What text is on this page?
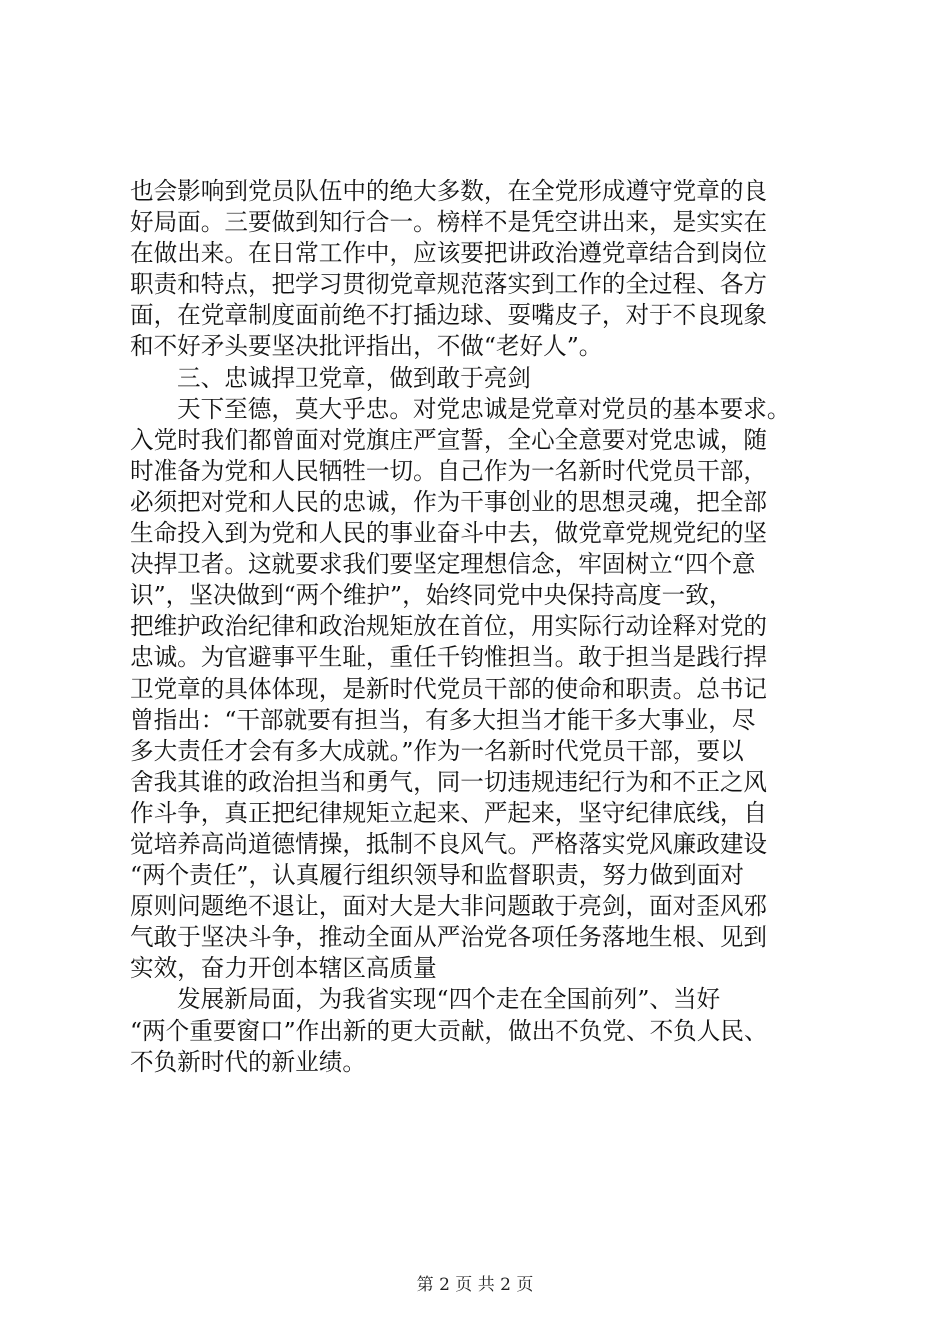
也会影响到党员队伍中的绝大多数，在全党形成遵守党章的良
好局面。三要做到知行合一。榜样不是凭空讲出来，是实实在
在做出来。在日常工作中，应该要把讲政治遵党章结合到岗位
职责和特点，把学习贯彻党章规范落实到工作的全过程、各方
面，在党章制度面前绝不打插边球、耍嘴皮子，对于不良现象
和不好矛头要坚决批评指出，不做“老好人”。
三、忠诚捍卫党章，做到敢于亮剑
天下至德，莫大乎忠。对党忠诚是党章对党员的基本要求。
入党时我们都曾面对党旗庄严宣誓，全心全意要对党忠诚，随
时准备为党和人民牺牲一切。自己作为一名新时代党员干部，
必须把对党和人民的忠诚，作为干事创业的思想灵魂，把全部
生命投入到为党和人民的事业奋斗中去，做党章党规党纪的坚
决捍卫者。这就要求我们要坚定理想信念，牢固树立“四个意
识”，坚决做到“两个维护”，始终同党中央保持高度一致，
把维护政治纪律和政治规矩放在首位，用实际行动诠释对党的
忠诚。为官避事平生耻，重任千钧惟担当。敢于担当是践行捍
卫党章的具体体现，是新时代党员干部的使命和职责。总书记
曾指出：“干部就要有担当，有多大担当才能干多大事业，尽
多大责任才会有多大成就。”作为一名新时代党员干部，要以
舍我其谁的政治担当和勇气，同一切违规违纪行为和不正之风
作斗争，真正把纪律规矩立起来、严起来，坚守纪律底线，自
觉培养高尚道德情操，抵制不良风气。严格落实党风廉政建设
“两个责任”，认真履行组织领导和监督职责，努力做到面对
原则问题绝不退让，面对大是大非问题敢于亮剑，面对歪风邪
气敢于坚决斗争，推动全面从严治党各项任务落地生根、见到
实效，奋力开创本辖区高质量
发展新局面，为我省实现“四个走在全国前列”、当好
“两个重要窗口”作出新的更大贡献，做出不负党、不负人民、
不负新时代的新业绩。
第 2 页 共 2 页
